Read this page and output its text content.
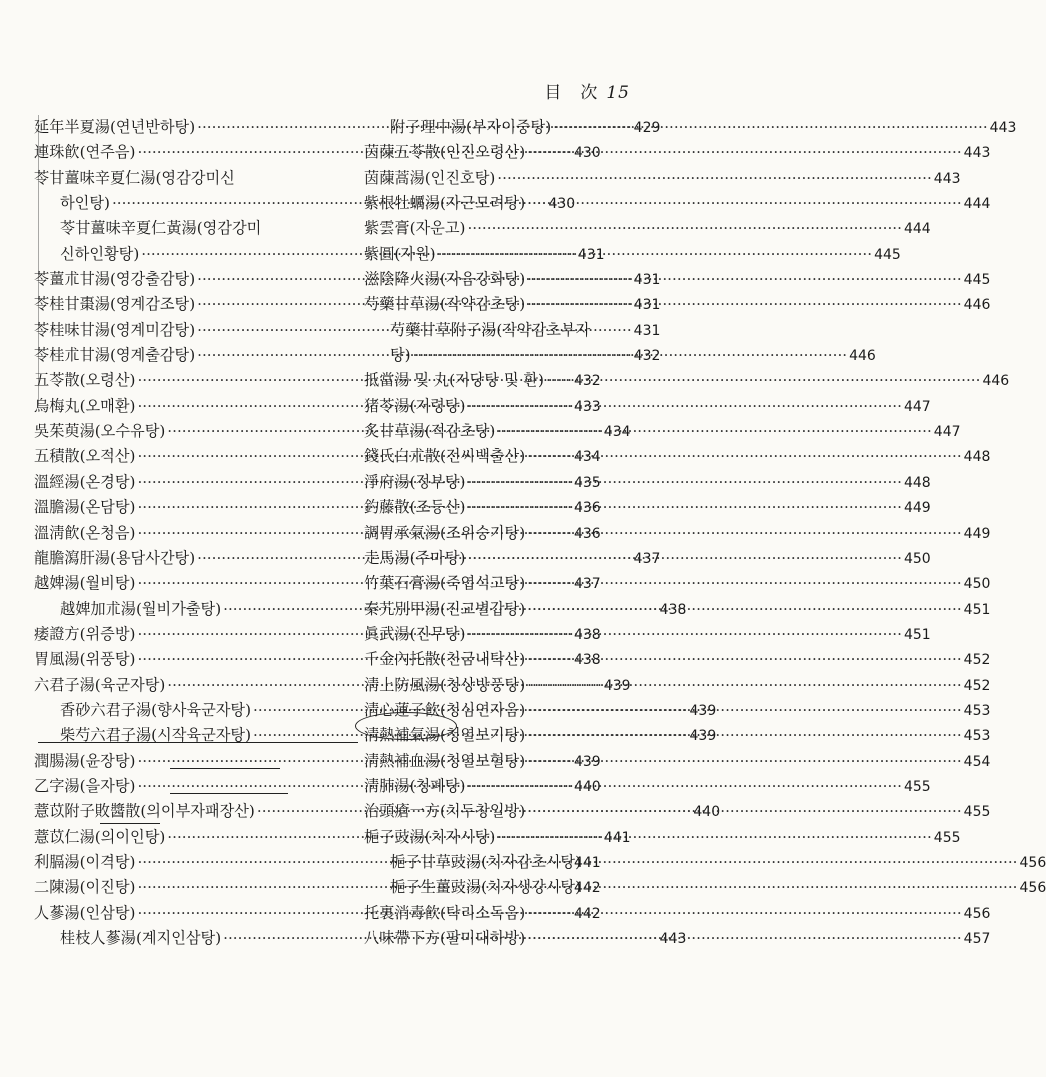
目　次 15
延年半夏湯(연년반하탕) ·····	429
連珠飮(연주음) ·····	430
苓甘薑味辛夏仁湯(영감강미신
하인탕) ·····	430
苓甘薑味辛夏仁黃湯(영감강미
신하인황탕) ·····	431
苓薑朮甘湯(영강출감탕) ·····	431
苓桂甘棗湯(영계감조탕) ·····	431
苓桂味甘湯(영계미감탕) ·····	431
苓桂朮甘湯(영계출감탕) ·····	432
五苓散(오령산) ·····	432
烏梅丸(오매환) ·····	433
吳茱萸湯(오수유탕) ·····	434
五積散(오적산) ·····	434
溫經湯(온경탕) ·····	435
溫膽湯(온담탕) ·····	436
溫淸飮(온청음) ·····	436
龍膽瀉肝湯(용담사간탕) ·····	437
越婢湯(월비탕) ·····	437
越婢加朮湯(월비가출탕) ·····	438
痿證方(위증방) ·····	438
胃風湯(위풍탕) ·····	438
六君子湯(육군자탕) ·····	439
香砂六君子湯(향사육군자탕) ·····	439
柴芍六君子湯(시작육군자탕) ·····	439
潤腸湯(윤장탕) ·····	439
乙字湯(을자탕) ·····	440
薏苡附子敗醬散(의이부자패장산) ·····	440
薏苡仁湯(의이인탕) ·····	441
利膈湯(이격탕) ·····	441
二陳湯(이진탕) ·····	442
人蔘湯(인삼탕) ·····	442
桂枝人蔘湯(계지인삼탕) ·····	443
附子理中湯(부자이중탕) ·····	443
茵蔯五苓散(인진오령산) ·····	443
茵蔯蒿湯(인진호탕) ·····	443
紫根牡蠣湯(자근모려탕) ·····	444
紫雲膏(자운고) ·····	444
紫圓(자원) ·····	445
滋陰降火湯(자음강화탕) ·····	445
芍藥甘草湯(작약감초탕) ·····	446
芍藥甘草附子湯(작약감초부자
탕) ·····	446
抵當湯 및 丸(저당탕 및 환) ·····	446
猪苓湯(저령탕) ·····	447
炙甘草湯(적감초탕) ·····	447
錢氏白朮散(전씨백출산) ·····	448
淨府湯(정부탕) ·····	448
釣藤散(조등산) ·····	449
調胃承氣湯(조위승기탕) ·····	449
走馬湯(주마탕) ·····	450
竹葉石膏湯(죽엽석고탕) ·····	450
秦艽別甲湯(진교별갑탕) ·····	451
眞武湯(진무탕) ·····	451
千金內托散(천금내탁산) ·····	452
淸上防風湯(청상방풍탕) ·····	452
淸心蓮子飮(청심연자음) ·····	453
淸熱補氣湯(청열보기탕) ·····	453
淸熱補血湯(청열보혈탕) ·····	454
淸肺湯(청폐탕) ·····	455
治頭瘡一方(치두창일방) ·····	455
梔子豉湯(치자시탕) ·····	455
梔子甘草豉湯(치자감초시탕) ·····	456
梔子生薑豉湯(치자생강시탕) ·····	456
托裏消毒飮(탁리소독음) ·····	456
八味帶下方(팔미대하방) ·····	457
